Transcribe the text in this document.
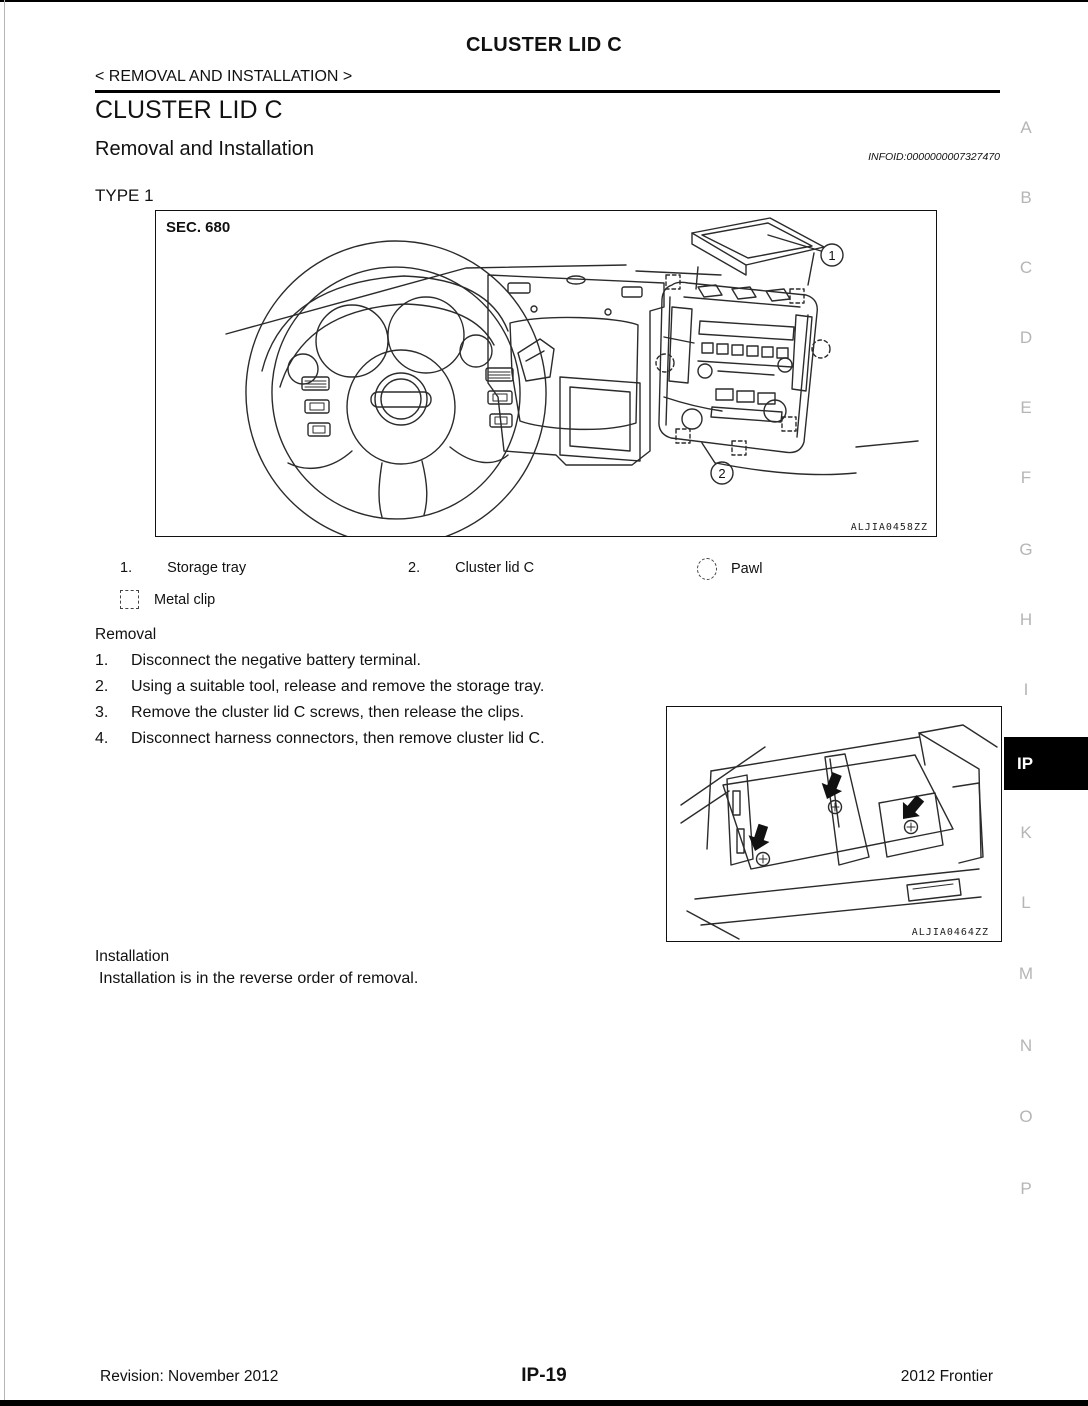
CLUSTER LID C
< REMOVAL AND INSTALLATION >
CLUSTER LID C
Removal and Installation	INFOID:0000000007327470
TYPE 1
1
2
SEC. 680
ALJIA0458ZZ
1. Storage tray	2. Cluster lid C	Pawl
Metal clip
Removal
1.	Disconnect the negative battery terminal.
2.	Using a suitable tool, release and remove the storage tray.
3.	Remove the cluster lid C screws, then release the clips.
4.	Disconnect harness connectors, then remove cluster lid C.
ALJIA0464ZZ
Installation
Installation is in the reverse order of removal.
A
B
C
D
E
F
G
H
I
IP
K
L
M
N
O
P
Revision: November 2012	IP-19	2012 Frontier
